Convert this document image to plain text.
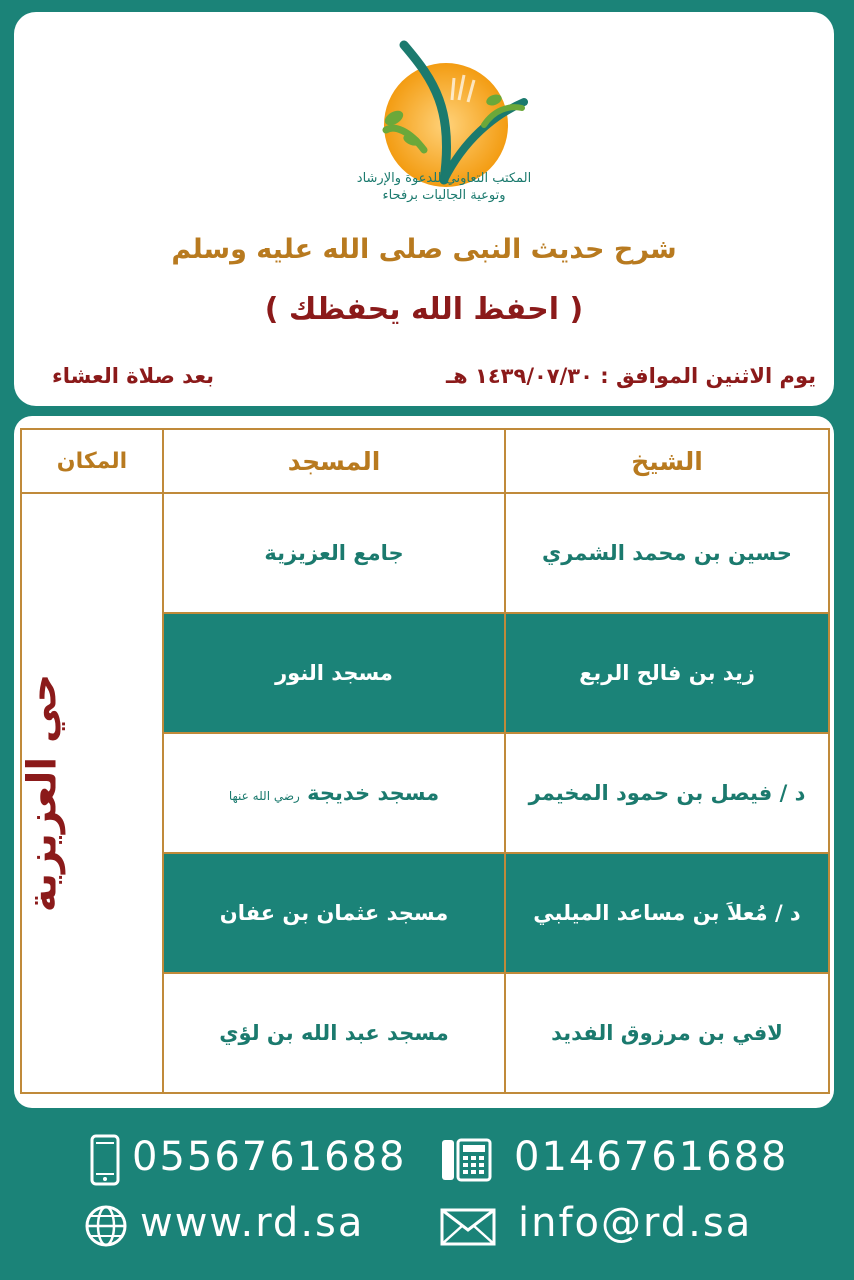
المكتب التعاوني للدعوة والإرشاد
وتوعية الجاليات برفحاء
شرح حديث النبى صلى الله عليه وسلم
( احفظ الله يحفظك )
يوم الاثنين الموافق : ١٤٣٩/٠٧/٣٠ هـ
بعد صلاة العشاء
الشيخ	المسجد	المكان
حسين بن محمد الشمري	جامع العزيزية	حي العزيزية
زيد بن فالح الربع	مسجد النور	
د / فيصل بن حمود المخيمر	مسجد خديجة رضي الله عنها	
د / مُعلاَ بن مساعد الميلبي	مسجد عثمان بن عفان	
لافي بن مرزوق الفديد	مسجد عبد الله بن لؤي	
0556761688	0146761688
www.rd.sa	info@rd.sa
